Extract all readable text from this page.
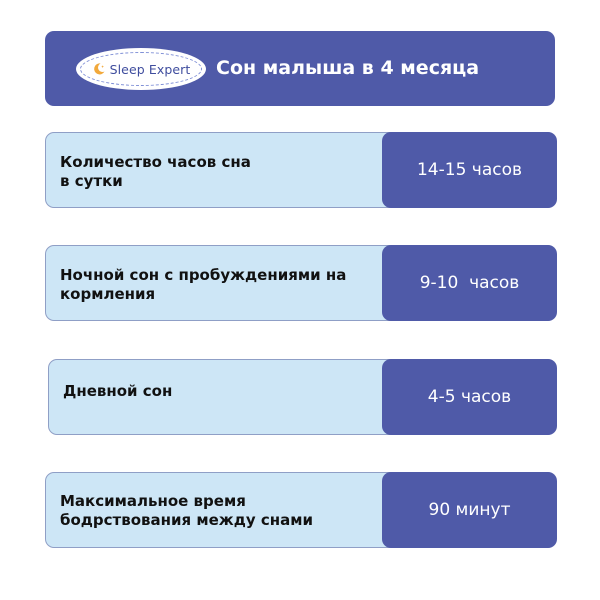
Sleep Expert Сон малыша в 4 месяца
Количество часов сна
в сутки
14-15 часов
Ночной сон с пробуждениями на
кормления
9-10  часов
Дневной сон	4-5 часов
Максимальное время
бодрствования между снами	90 минут
